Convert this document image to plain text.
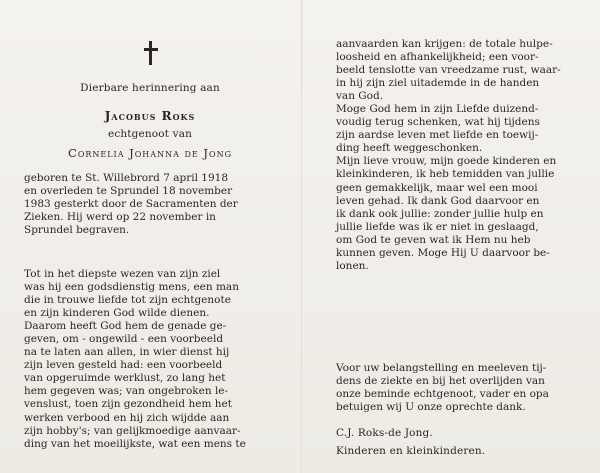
Dierbare herinnering aan
Jacobus Roks
echtgenoot van
Cornelia Johanna de Jong
geboren te St. Willebrord 7 april 1918
en overleden te Sprundel 18 november
1983 gesterkt door de Sacramenten der
Zieken. Hij werd op 22 november in
Sprundel begraven.
Tot in het diepste wezen van zijn ziel
was hij een godsdienstig mens, een man
die in trouwe liefde tot zijn echtgenote
en zijn kinderen God wilde dienen.
Daarom heeft God hem de genade ge-
geven, om - ongewild - een voorbeeld
na te laten aan allen, in wier dienst hij
zijn leven gesteld had: een voorbeeld
van opgeruimde werklust, zo lang het
hem gegeven was; van ongebroken le-
venslust, toen zijn gezondheid hem het
werken verbood en hij zich wijdde aan
zijn hobby's; van gelijkmoedige aanvaar-
ding van het moeilijkste, wat een mens te
aanvaarden kan krijgen: de totale hulpe-
loosheid en afhankelijkheid; een voor-
beeld tenslotte van vreedzame rust, waar-
in hij zijn ziel uitademde in de handen
van God.
Moge God hem in zijn Liefde duizend-
voudig terug schenken, wat hij tijdens
zijn aardse leven met liefde en toewij-
ding heeft weggeschonken.
Mijn lieve vrouw, mijn goede kinderen en
kleinkinderen, ik heb temidden van jullie
geen gemakkelijk, maar wel een mooi
leven gehad. Ik dank God daarvoor en
ik dank ook jullie: zonder jullie hulp en
jullie liefde was ik er niet in geslaagd,
om God te geven wat ik Hem nu heb
kunnen geven. Moge Hij U daarvoor be-
lonen.
Voor uw belangstelling en meeleven tij-
dens de ziekte en bij het overlijden van
onze beminde echtgenoot, vader en opa
betuigen wij U onze oprechte dank.
C.J. Roks-de Jong.
Kinderen en kleinkinderen.
